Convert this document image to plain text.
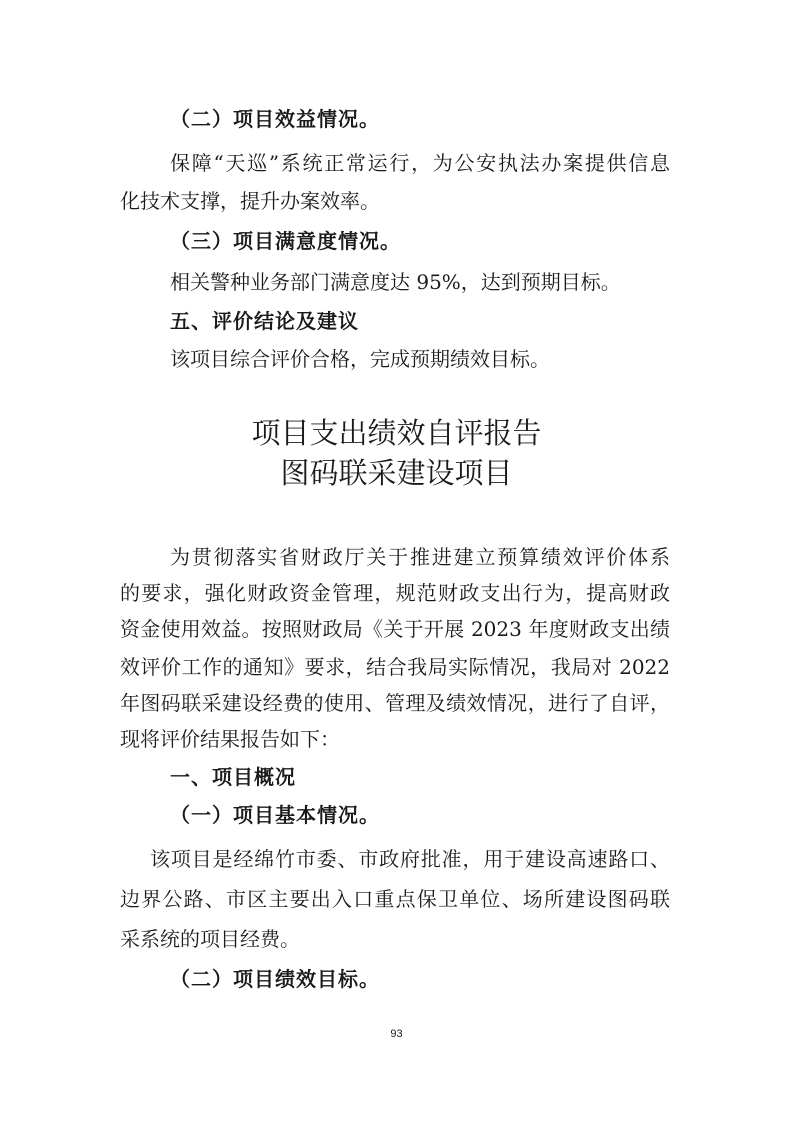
（二）项目效益情况。
保障“天巡”系统正常运行，为公安执法办案提供信息
化技术支撑，提升办案效率。
（三）项目满意度情况。
相关警种业务部门满意度达 95%，达到预期目标。
五、评价结论及建议
该项目综合评价合格，完成预期绩效目标。
项目支出绩效自评报告
图码联采建设项目
为贯彻落实省财政厅关于推进建立预算绩效评价体系
的要求，强化财政资金管理，规范财政支出行为，提高财政
资金使用效益。按照财政局《关于开展 2023 年度财政支出绩
效评价工作的通知》要求，结合我局实际情况，我局对 2022
年图码联采建设经费的使用、管理及绩效情况，进行了自评，
现将评价结果报告如下：
一、项目概况
（一）项目基本情况。
该项目是经绵竹市委、市政府批准，用于建设高速路口、
边界公路、市区主要出入口重点保卫单位、场所建设图码联
采系统的项目经费。
（二）项目绩效目标。
93
